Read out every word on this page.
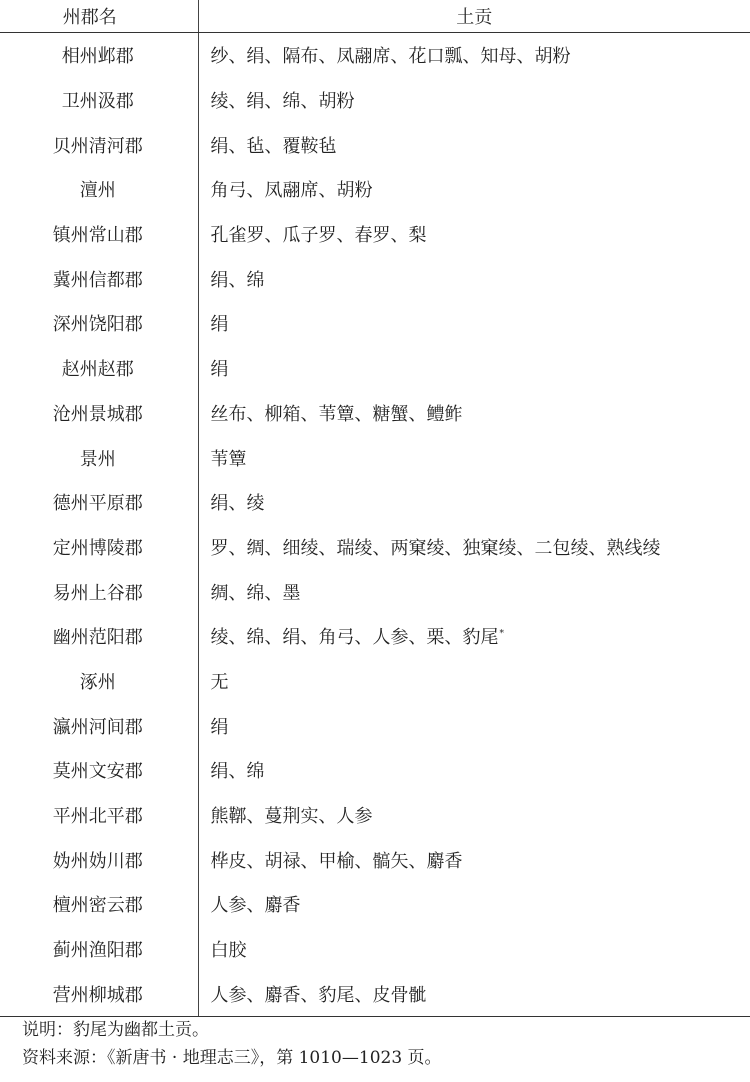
州郡名	土贡
相州邺郡	纱、绢、隔布、凤翮席、花口瓢、知母、胡粉
卫州汲郡	绫、绢、绵、胡粉
贝州清河郡	绢、毡、覆鞍毡
澶州	角弓、凤翮席、胡粉
镇州常山郡	孔雀罗、瓜子罗、春罗、梨
冀州信都郡	绢、绵
深州饶阳郡	绢
赵州赵郡	绢
沧州景城郡	丝布、柳箱、苇簟、糖蟹、鳢鲊
景州	苇簟
德州平原郡	绢、绫
定州博陵郡	罗、绸、细绫、瑞绫、两窠绫、独窠绫、二包绫、熟线绫
易州上谷郡	绸、绵、墨
幽州范阳郡	绫、绵、绢、角弓、人参、栗、豹尾*
涿州	无
瀛州河间郡	绢
莫州文安郡	绢、绵
平州北平郡	熊鞹、蔓荆实、人参
妫州妫川郡	桦皮、胡禄、甲榆、髇矢、麝香
檀州密云郡	人参、麝香
蓟州渔阳郡	白胶
营州柳城郡	人参、麝香、豹尾、皮骨骴
说明：豹尾为幽都土贡。
资料来源：《新唐书 · 地理志三》，第 1010—1023 页。
